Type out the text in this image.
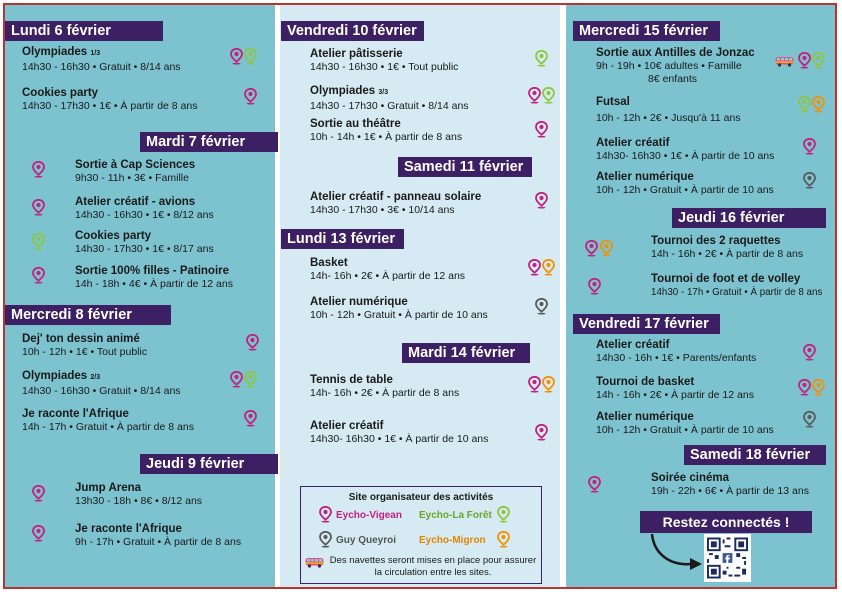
Lundi 6 février
Olympiades 1/3
14h30 - 16h30 • Gratuit • 8/14 ans
Cookies party
14h30 - 17h30 • 1€ • À partir de 8 ans
Mardi 7 février
Sortie à Cap Sciences
9h30 - 11h • 3€ • Famille
Atelier créatif - avions
14h30 - 16h30 • 1€ • 8/12 ans
Cookies party
14h30 - 17h30 • 1€ • 8/17 ans
Sortie 100% filles - Patinoire
14h - 18h • 4€ • À partir de 12 ans
Mercredi 8 février
Dej' ton dessin animé
10h - 12h • 1€ • Tout public
Olympiades 2/3
14h30 - 16h30 • Gratuit • 8/14 ans
Je raconte l'Afrique
14h - 17h • Gratuit • À partir de 8 ans
Jeudi 9 février
Jump Arena
13h30 - 18h • 8€ • 8/12 ans
Je raconte l'Afrique
9h - 17h • Gratuit • À partir de 8 ans
Vendredi 10 février
Atelier pâtisserie
14h30 - 16h30 • 1€ • Tout public
Olympiades 3/3
14h30 - 17h30 • Gratuit • 8/14 ans
Sortie au théâtre
10h - 14h • 1€ • À partir de 8 ans
Samedi 11 février
Atelier créatif - panneau solaire
14h30 - 17h30 • 3€ • 10/14 ans
Lundi 13 février
Basket
14h- 16h • 2€ • À partir de 12 ans
Atelier numérique
10h - 12h • Gratuit • À partir de 10 ans
Mardi 14 février
Tennis de table
14h- 16h • 2€ • À partir de 8 ans
Atelier créatif
14h30- 16h30 • 1€ • À partir de 10 ans
Site organisateur des activités
Eycho-Vigean Eycho-La Forêt
Guy Queyroi Eycho-Migron
Des navettes seront mises en place pour assurer la circulation entre les sites.
Mercredi 15 février
Sortie aux Antilles de Jonzac
9h - 19h • 10€ adultes • Famille
8€ enfants
Futsal
10h - 12h • 2€ • Jusqu'à 11 ans
Atelier créatif
14h30- 16h30 • 1€ • À partir de 10 ans
Atelier numérique
10h - 12h • Gratuit • À partir de 10 ans
Jeudi 16 février
Tournoi des 2 raquettes
14h - 16h • 2€ • À partir de 8 ans
Tournoi de foot et de volley
14h30 - 17h • Gratuit • À partir de 8 ans
Vendredi 17 février
Atelier créatif
14h30 - 16h • 1€ • Parents/enfants
Tournoi de basket
14h - 16h • 2€ • À partir de 12 ans
Atelier numérique
10h - 12h • Gratuit • À partir de 10 ans
Samedi 18 février
Soirée cinéma
19h - 22h • 6€ • À partir de 13 ans
Restez connectés !
